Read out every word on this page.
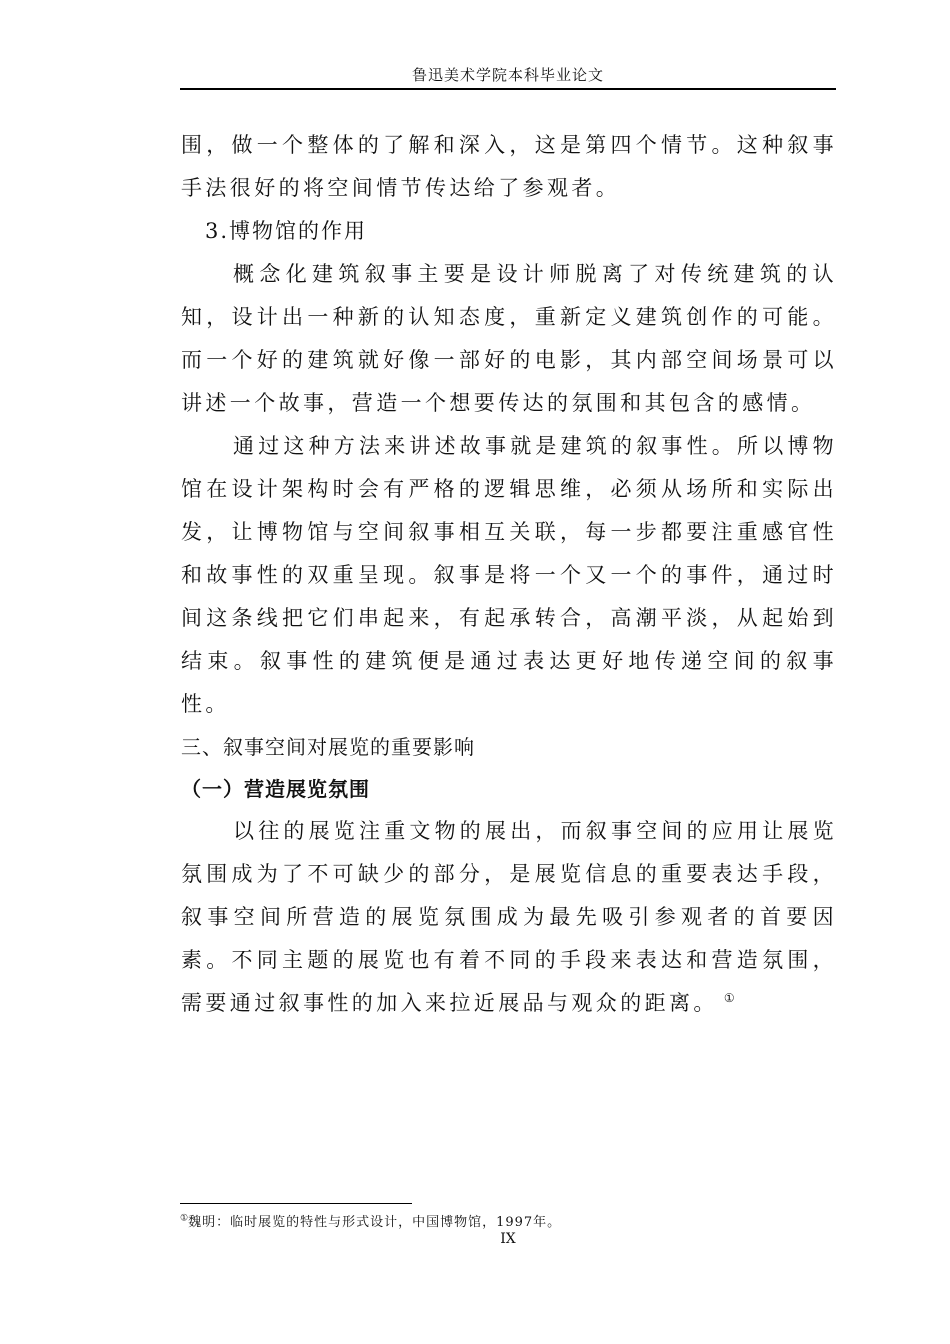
鲁迅美术学院本科毕业论文

围，做一个整体的了解和深入，这是第四个情节。这种叙事手法很好的将空间情节传达给了参观者。

3.博物馆的作用

概念化建筑叙事主要是设计师脱离了对传统建筑的认知，设计出一种新的认知态度，重新定义建筑创作的可能。而一个好的建筑就好像一部好的电影，其内部空间场景可以讲述一个故事，营造一个想要传达的氛围和其包含的感情。

通过这种方法来讲述故事就是建筑的叙事性。所以博物馆在设计架构时会有严格的逻辑思维，必须从场所和实际出发，让博物馆与空间叙事相互关联，每一步都要注重感官性和故事性的双重呈现。叙事是将一个又一个的事件，通过时间这条线把它们串起来，有起承转合，高潮平淡，从起始到结束。叙事性的建筑便是通过表达更好地传递空间的叙事性。

三、叙事空间对展览的重要影响

（一）营造展览氛围

以往的展览注重文物的展出，而叙事空间的应用让展览氛围成为了不可缺少的部分，是展览信息的重要表达手段，叙事空间所营造的展览氛围成为最先吸引参观者的首要因素。不同主题的展览也有着不同的手段来表达和营造氛围，需要通过叙事性的加入来拉近展品与观众的距离。 ①

①魏明：临时展览的特性与形式设计，中国博物馆，1997年。
IX
